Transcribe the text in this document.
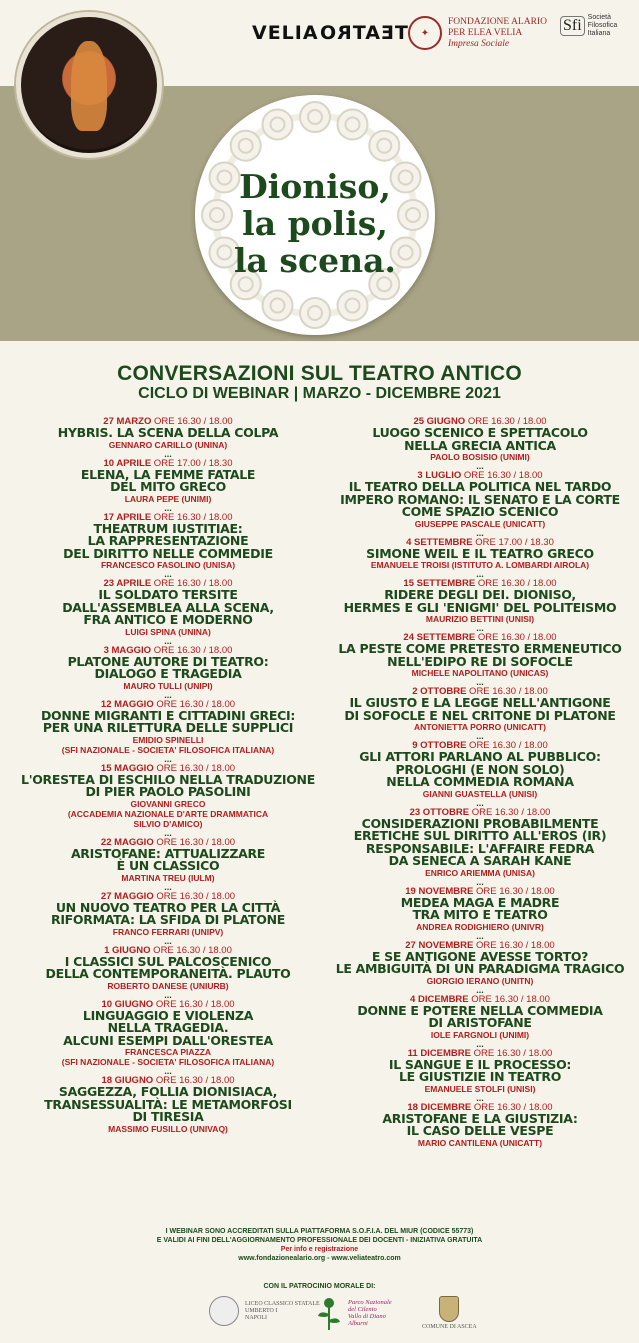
VELIATEATRO	✦
FONDAZIONE ALARIO
PER ELEA VELIA
Impresa Sociale
Sfi Società
Filosofica
Italiana
Dioniso,
la polis,
la scena.
CONVERSAZIONI SUL TEATRO ANTICO
CICLO DI WEBINAR | MARZO - DICEMBRE 2021
27 MARZO ORE 16.30 / 18.00
HYBRIS. LA SCENA DELLA COLPA
GENNARO CARILLO (UNINA)
...
10 APRILE ORE 17.00 / 18.30
ELENA, LA FEMME FATALE
DEL MITO GRECO
LAURA PEPE (UNIMI)
...
17 APRILE ORE 16.30 / 18.00
THEATRUM IUSTITIAE:
LA RAPPRESENTAZIONE
DEL DIRITTO NELLE COMMEDIE
FRANCESCO FASOLINO (UNISA)
...
23 APRILE ORE 16.30 / 18.00
IL SOLDATO TERSITE
DALL'ASSEMBLEA ALLA SCENA,
FRA ANTICO E MODERNO
LUIGI SPINA (UNINA)
...
3 MAGGIO ORE 16.30 / 18.00
PLATONE AUTORE DI TEATRO:
DIALOGO E TRAGEDIA
MAURO TULLI (UNIPI)
...
12 MAGGIO ORE 16.30 / 18.00
DONNE MIGRANTI E CITTADINI GRECI:
PER UNA RILETTURA DELLE SUPPLICI
EMIDIO SPINELLI
(SFI NAZIONALE - SOCIETA' FILOSOFICA ITALIANA)
...
15 MAGGIO ORE 16.30 / 18.00
L'ORESTEA DI ESCHILO NELLA TRADUZIONE
DI PIER PAOLO PASOLINI
GIOVANNI GRECO
(ACCADEMIA NAZIONALE D'ARTE DRAMMATICA
SILVIO D'AMICO)
...
22 MAGGIO ORE 16.30 / 18.00
ARISTOFANE: ATTUALIZZARE
È UN CLASSICO
MARTINA TREU (IULM)
...
27 MAGGIO ORE 16.30 / 18.00
UN NUOVO TEATRO PER LA CITTÀ
RIFORMATA: LA SFIDA DI PLATONE
FRANCO FERRARI (UNIPV)
...
1 GIUGNO ORE 16.30 / 18.00
I CLASSICI SUL PALCOSCENICO
DELLA CONTEMPORANEITÀ. PLAUTO
ROBERTO DANESE (UNIURB)
...
10 GIUGNO ORE 16.30 / 18.00
LINGUAGGIO E VIOLENZA
NELLA TRAGEDIA.
ALCUNI ESEMPI DALL'ORESTEA
FRANCESCA PIAZZA
(SFI NAZIONALE - SOCIETA' FILOSOFICA ITALIANA)
...
18 GIUGNO ORE 16.30 / 18.00
SAGGEZZA, FOLLIA DIONISIACA,
TRANSESSUALITÀ: LE METAMORFOSI
DI TIRESIA
MASSIMO FUSILLO (UNIVAQ)
25 GIUGNO ORE 16.30 / 18.00
LUOGO SCENICO E SPETTACOLO
NELLA GRECIA ANTICA
PAOLO BOSISIO (UNIMI)
...
3 LUGLIO ORE 16.30 / 18.00
IL TEATRO DELLA POLITICA NEL TARDO
IMPERO ROMANO: IL SENATO E LA CORTE
COME SPAZIO SCENICO
GIUSEPPE PASCALE (UNICATT)
...
4 SETTEMBRE ORE 17.00 / 18.30
SIMONE WEIL E IL TEATRO GRECO
EMANUELE TROISI (ISTITUTO A. LOMBARDI AIROLA)
...
15 SETTEMBRE ORE 16.30 / 18.00
RIDERE DEGLI DEI. DIONISO,
HERMES E GLI 'ENIGMI' DEL POLITEISMO
MAURIZIO BETTINI (UNISI)
...
24 SETTEMBRE ORE 16.30 / 18.00
LA PESTE COME PRETESTO ERMENEUTICO
NELL'EDIPO RE DI SOFOCLE
MICHELE NAPOLITANO (UNICAS)
...
2 OTTOBRE ORE 16.30 / 18.00
IL GIUSTO E LA LEGGE NELL'ANTIGONE
DI SOFOCLE E NEL CRITONE DI PLATONE
ANTONIETTA PORRO (UNICATT)
...
9 OTTOBRE ORE 16.30 / 18.00
GLI ATTORI PARLANO AL PUBBLICO:
PROLOGHI (E NON SOLO)
NELLA COMMEDIA ROMANA
GIANNI GUASTELLA (UNISI)
...
23 OTTOBRE ORE 16.30 / 18.00
CONSIDERAZIONI PROBABILMENTE
ERETICHE SUL DIRITTO ALL'EROS (IR)
RESPONSABILE: L'AFFAIRE FEDRA
DA SENECA A SARAH KANE
ENRICO ARIEMMA (UNISA)
...
19 NOVEMBRE ORE 16.30 / 18.00
MEDEA MAGA E MADRE
TRA MITO E TEATRO
ANDREA RODIGHIERO (UNIVR)
...
27 NOVEMBRE ORE 16.30 / 18.00
E SE ANTIGONE AVESSE TORTO?
LE AMBIGUITÀ DI UN PARADIGMA TRAGICO
GIORGIO IERANO (UNITN)
...
4 DICEMBRE ORE 16.30 / 18.00
DONNE E POTERE NELLA COMMEDIA
DI ARISTOFANE
IOLE FARGNOLI (UNIMI)
...
11 DICEMBRE ORE 16.30 / 18.00
IL SANGUE E IL PROCESSO:
LE GIUSTIZIE IN TEATRO
EMANUELE STOLFI (UNISI)
...
18 DICEMBRE ORE 16.30 / 18.00
ARISTOFANE E LA GIUSTIZIA:
IL CASO DELLE VESPE
MARIO CANTILENA (UNICATT)
I WEBINAR SONO ACCREDITATI SULLA PIATTAFORMA S.O.F.I.A. DEL MIUR (CODICE 55773)
E VALIDI AI FINI DELL'AGGIORNAMENTO PROFESSIONALE DEI DOCENTI - INIZIATIVA GRATUITA
Per info e registrazione
www.fondazionealario.org - www.veliateatro.com
CON IL PATROCINIO MORALE DI:
LICEO CLASSICO STATALE
UMBERTO I
NAPOLI
Parco Nazionale
del Cilento
Vallo di Diano
Alburni	COMUNE DI ASCEA
